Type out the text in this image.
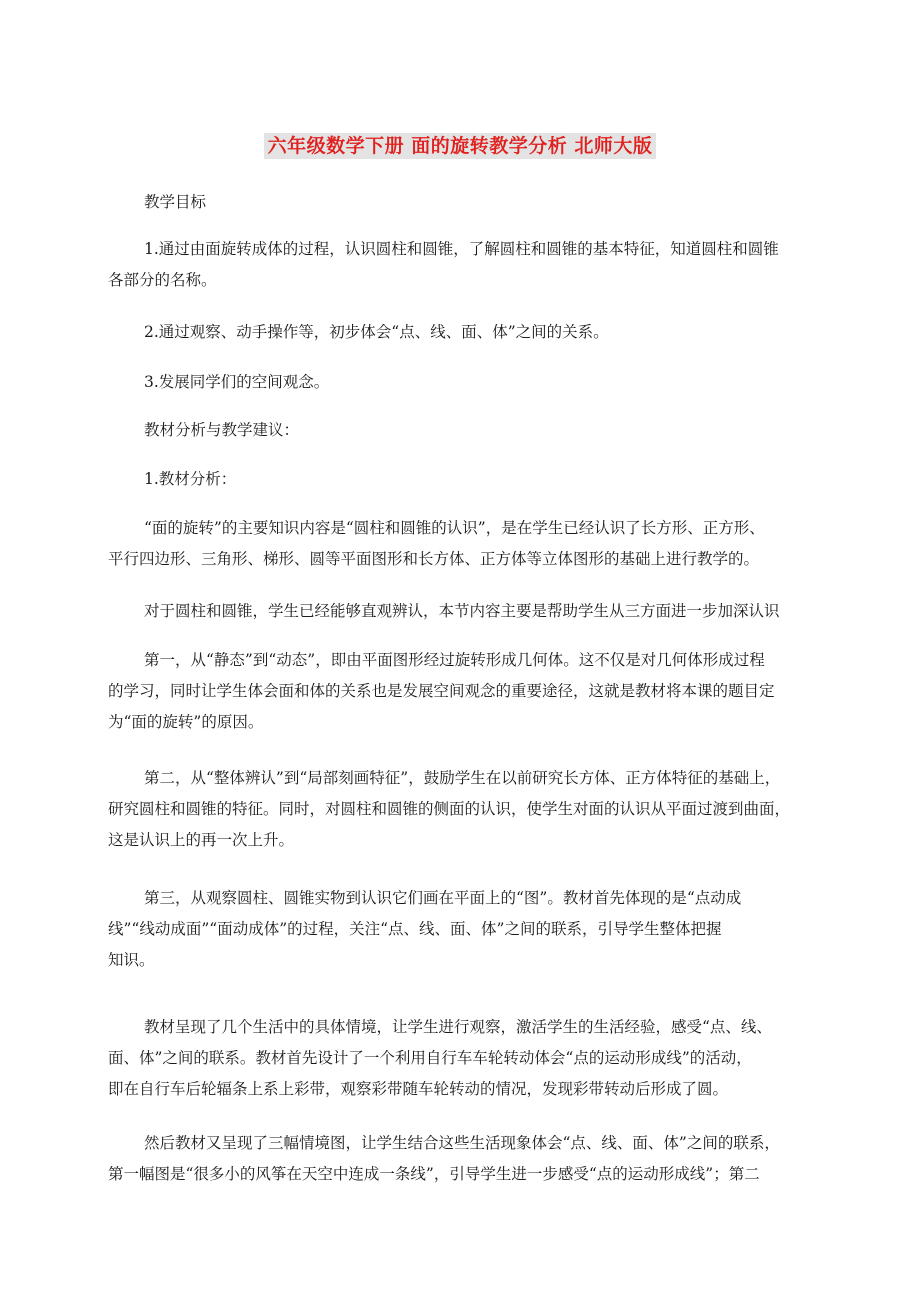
六年级数学下册 面的旋转教学分析 北师大版
教学目标
1.通过由面旋转成体的过程，认识圆柱和圆锥，了解圆柱和圆锥的基本特征，知道圆柱和圆锥
各部分的名称。
2.通过观察、动手操作等，初步体会“点、线、面、体”之间的关系。
3.发展同学们的空间观念。
教材分析与教学建议：
1.教材分析：
“面的旋转”的主要知识内容是“圆柱和圆锥的认识”，是在学生已经认识了长方形、正方形、
平行四边形、三角形、梯形、圆等平面图形和长方体、正方体等立体图形的基础上进行教学的。
对于圆柱和圆锥，学生已经能够直观辨认，本节内容主要是帮助学生从三方面进一步加深认识
第一，从“静态”到“动态”，即由平面图形经过旋转形成几何体。这不仅是对几何体形成过程
的学习，同时让学生体会面和体的关系也是发展空间观念的重要途径，这就是教材将本课的题目定
为“面的旋转”的原因。
第二，从“整体辨认”到“局部刻画特征”，鼓励学生在以前研究长方体、正方体特征的基础上，
研究圆柱和圆锥的特征。同时，对圆柱和圆锥的侧面的认识，使学生对面的认识从平面过渡到曲面，
这是认识上的再一次上升。
第三，从观察圆柱、圆锥实物到认识它们画在平面上的“图”。教材首先体现的是“点动成
线”“线动成面”“面动成体”的过程，关注“点、线、面、体”之间的联系，引导学生整体把握
知识。
教材呈现了几个生活中的具体情境，让学生进行观察，激活学生的生活经验，感受“点、线、
面、体”之间的联系。教材首先设计了一个利用自行车车轮转动体会“点的运动形成线”的活动，
即在自行车后轮辐条上系上彩带，观察彩带随车轮转动的情况，发现彩带转动后形成了圆。
然后教材又呈现了三幅情境图，让学生结合这些生活现象体会“点、线、面、体”之间的联系，
第一幅图是“很多小的风筝在天空中连成一条线”，引导学生进一步感受“点的运动形成线”；第二
